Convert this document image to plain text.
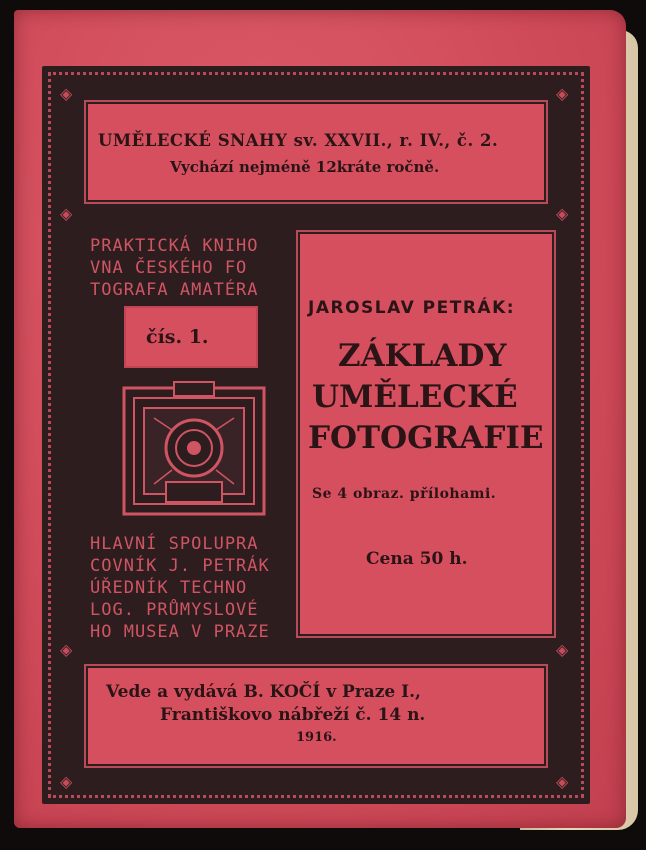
◈	◈
◈	◈
◈	◈
◈	◈
UMĚLECKÉ SNAHY sv. XXVII., r. IV., č. 2.
Vychází nejméně 12kráte ročně.
PRAKTICKÁ KNIHO
VNA ČESKÉHO FO
TOGRAFA AMATÉRA
čís. 1.
HLAVNÍ SPOLUPRA
COVNÍK J. PETRÁK
ÚŘEDNÍK TECHNO
LOG. PRŮMYSLOVÉ
HO MUSEA V PRAZE
JAROSLAV PETRÁK:
ZÁKLADY
UMĚLECKÉ
FOTOGRAFIE
Se 4 obraz. přílohami.
Cena 50 h.
Vede a vydává B. KOČÍ v Praze I.,
Františkovo nábřeží č. 14 n.
1916.
